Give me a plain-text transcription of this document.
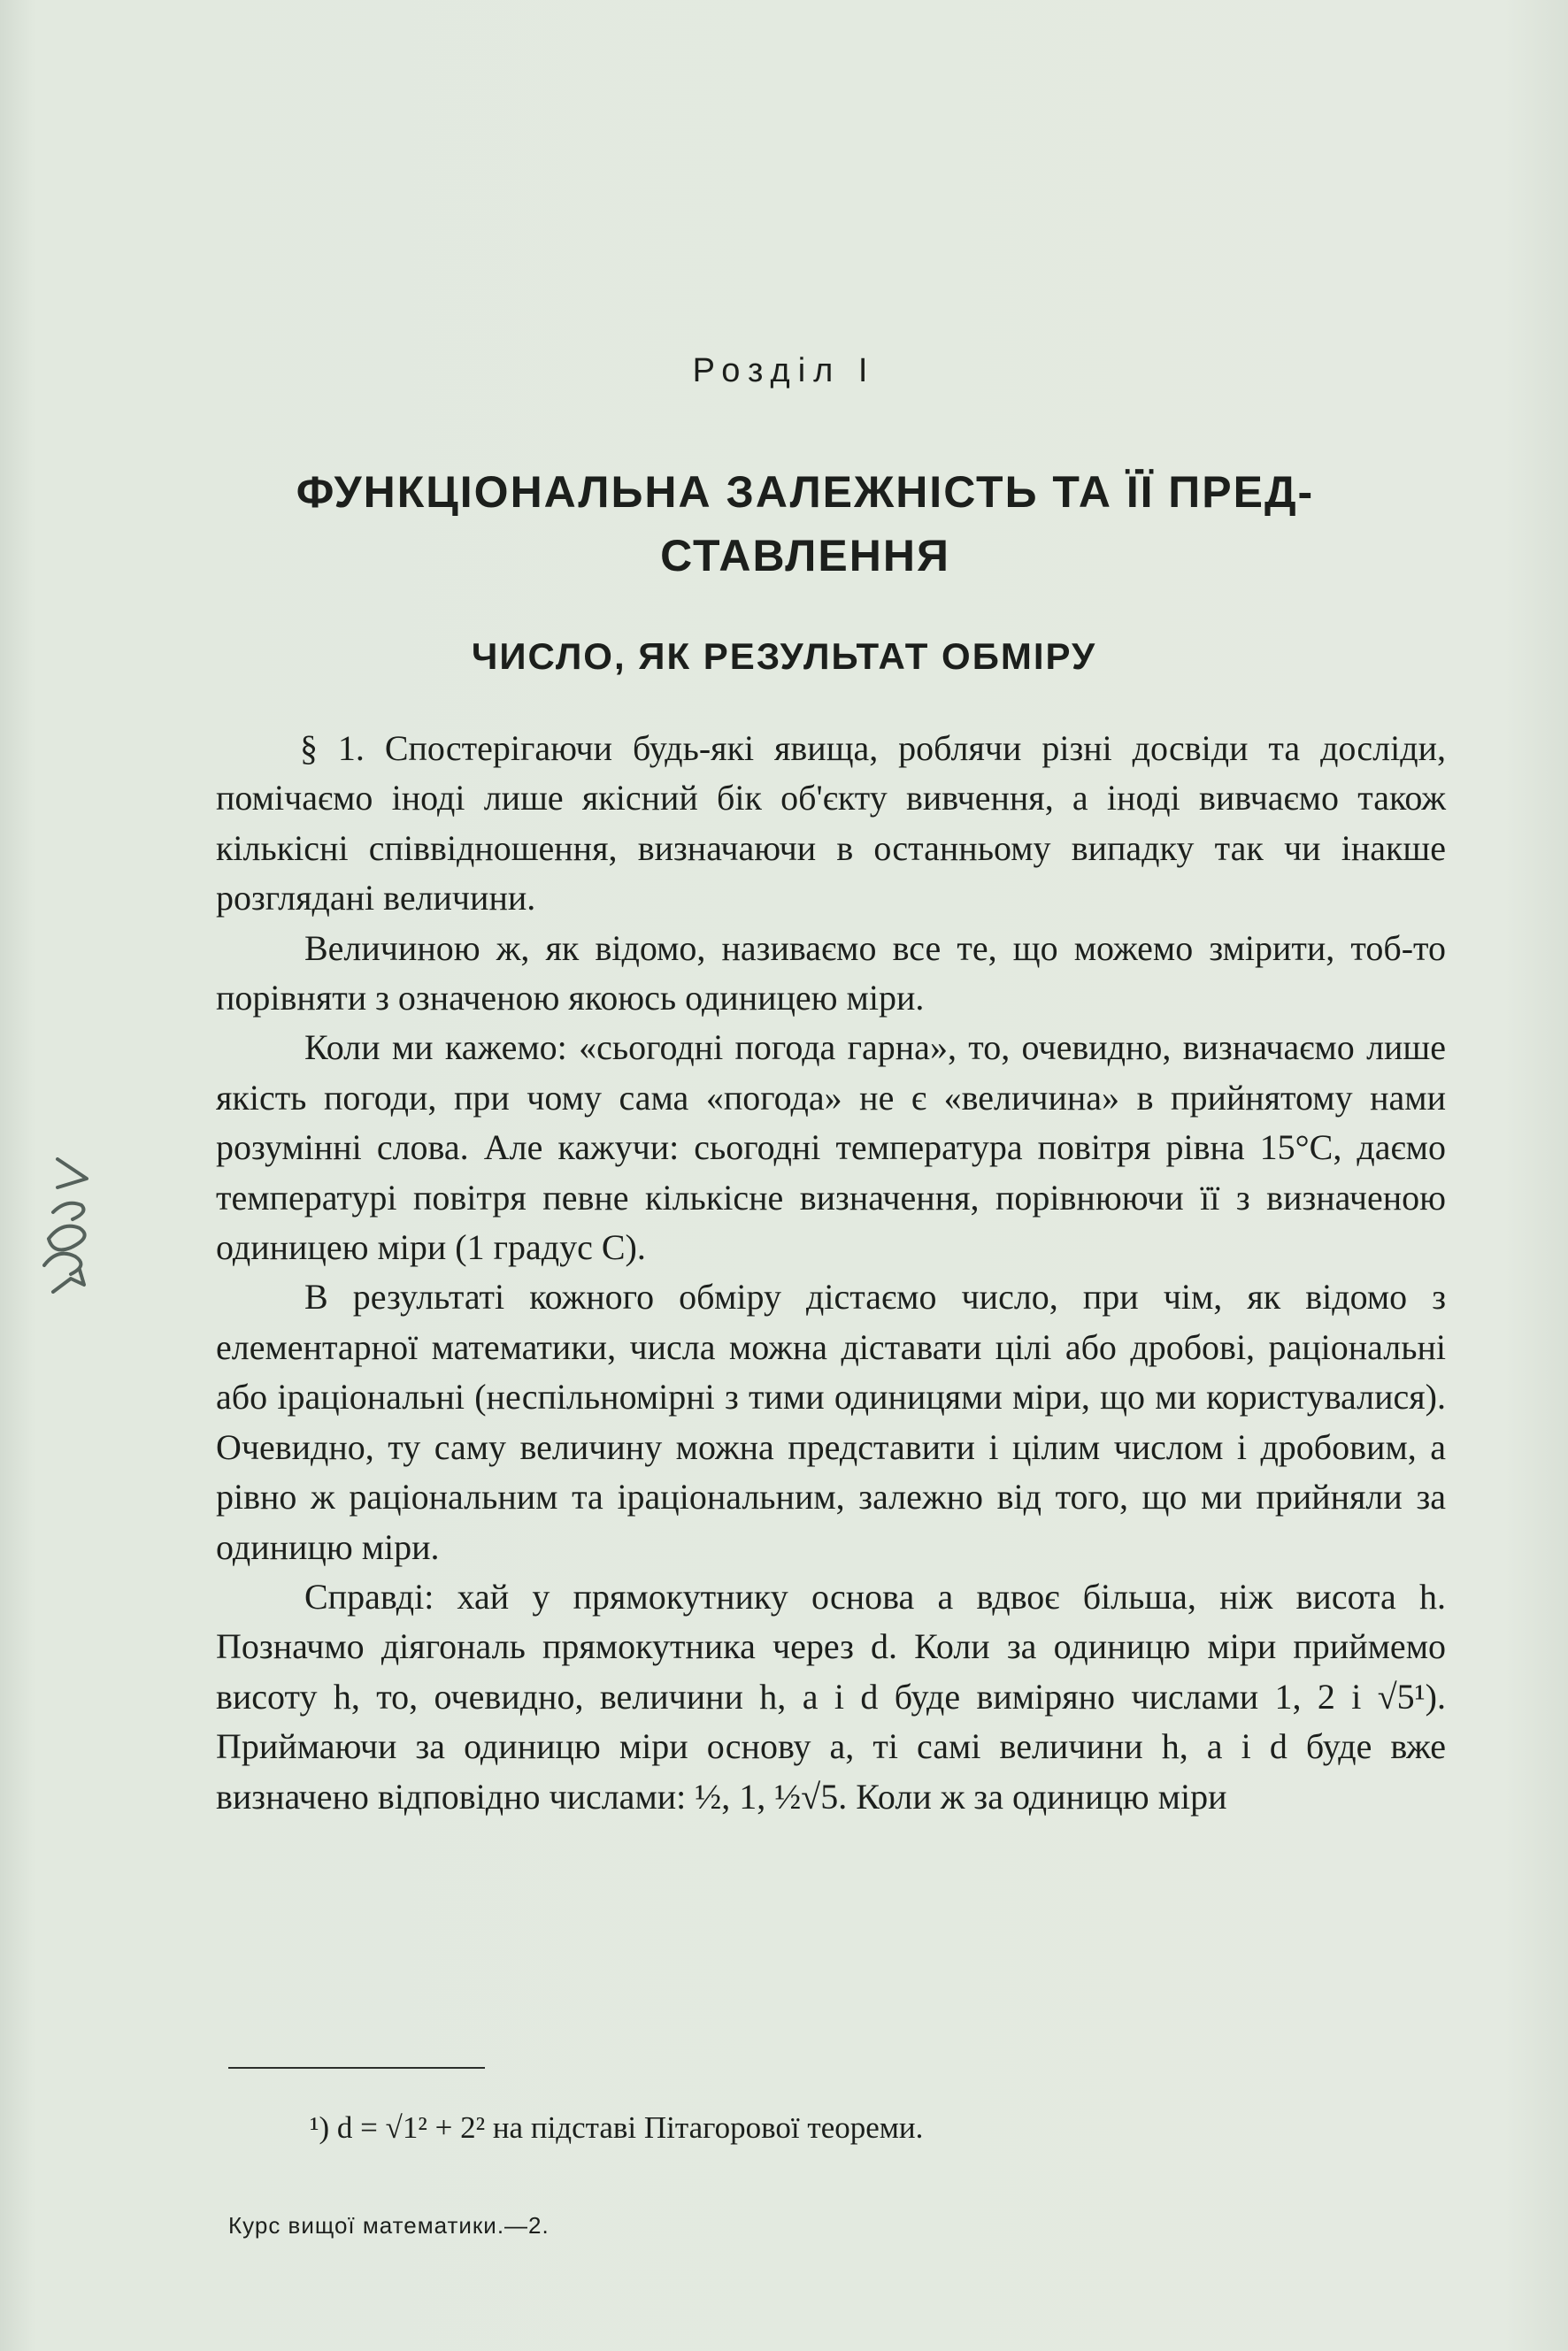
Розділ I
ФУНКЦІОНАЛЬНА ЗАЛЕЖНІСТЬ ТА ЇЇ ПРЕД-
СТАВЛЕННЯ
ЧИСЛО, ЯК РЕЗУЛЬТАТ ОБМІРУ

§ 1. Спостерігаючи будь-які явища, роблячи різні досвіди та досліди, помічаємо іноді лише якісний бік об'єкту вивчення, а іноді вивчаємо також кількісні співвідношення, визначаючи в останньому випадку так чи інакше розглядані величини.

Величиною ж, як відомо, називаємо все те, що можемо змірити, тоб-то порівняти з означеною якоюсь одиницею міри.

Коли ми кажемо: «сьогодні погода гарна», то, очевидно, визначаємо лише якість погоди, при чому сама «погода» не є «величина» в прийнятому нами розумінні слова. Але кажучи: сьогодні температура повітря рівна 15°С, даємо температурі повітря певне кількісне визначення, порівнюючи її з визначеною одиницею міри (1 градус С).

В результаті кожного обміру дістаємо число, при чім, як відомо з елементарної математики, числа можна діставати цілі або дробові, раціональні або іраціональні (неспільномірні з тими одиницями міри, що ми користувалися). Очевидно, ту саму величину можна представити і цілим числом і дробовим, а рівно ж раціональним та іраціональним, залежно від того, що ми прийняли за одиницю міри.

Справді: хай у прямокутнику основа a вдвоє більша, ніж висота h. Позначмо діягональ прямокутника через d. Коли за одиницю міри приймемо висоту h, то, очевидно, величини h, a і d буде виміряно числами 1, 2 і √5¹). Приймаючи за одиницю міри основу a, ті самі величини h, a і d буде вже визначено відповідно числами: ½, 1, ½√5. Коли ж за одиницю міри

¹) d = √1² + 2² на підставі Пітагорової теореми.
Курс вищої математики.—2.
